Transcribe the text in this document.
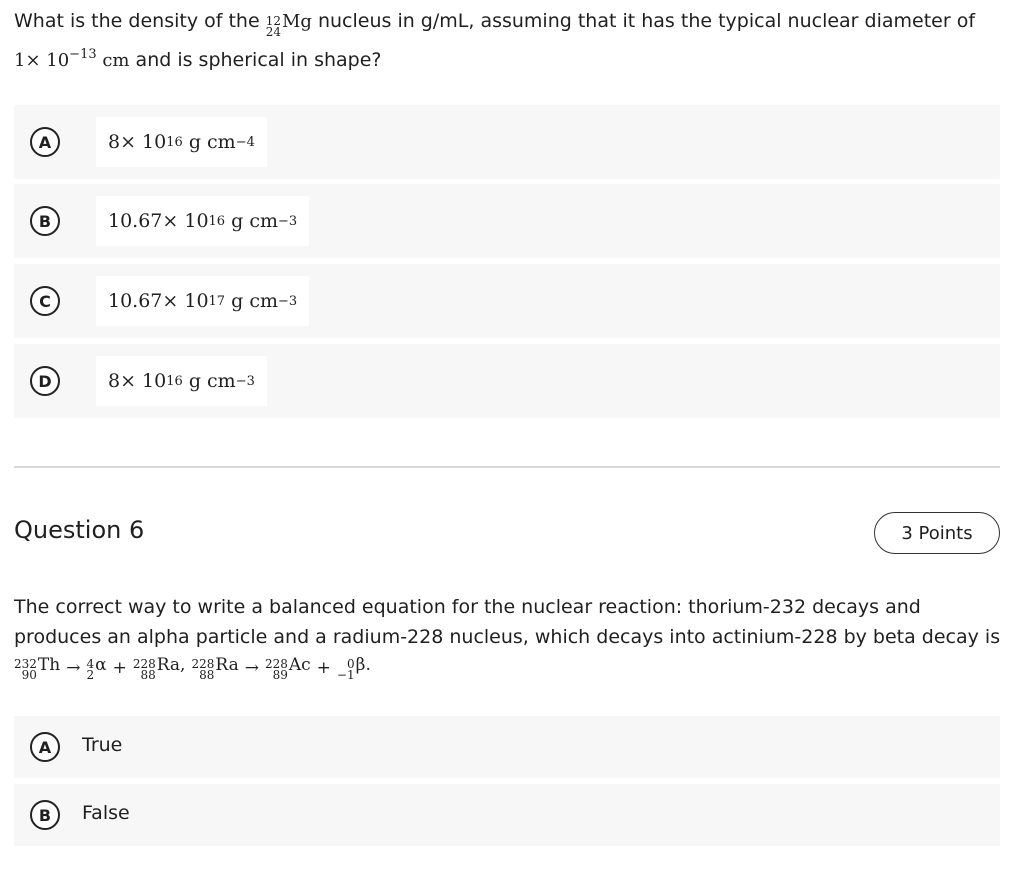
What is the density of the 12
24 Mg nucleus in g/mL, assuming that it has the typical nuclear diameter of
$1\times 10^{-13}$ cm and is spherical in shape?
A	8× 10 16
g cm −4
B	10.67× 10 16
g cm −3
C	10.67× 10 17
g cm −3
D	8× 10 16
g cm −3
Question 6	3 Points
The correct way to write a balanced equation for the nuclear reaction: thorium-232 decays and produces an alpha particle and a radium-228 nucleus, which decays into actinium-228 by beta decay is
232
90 Th → 4
2 α + 228
88 Ra, 228
88 Ra → 228
89 Ac +	0
−1 β.
A	True
B	False
